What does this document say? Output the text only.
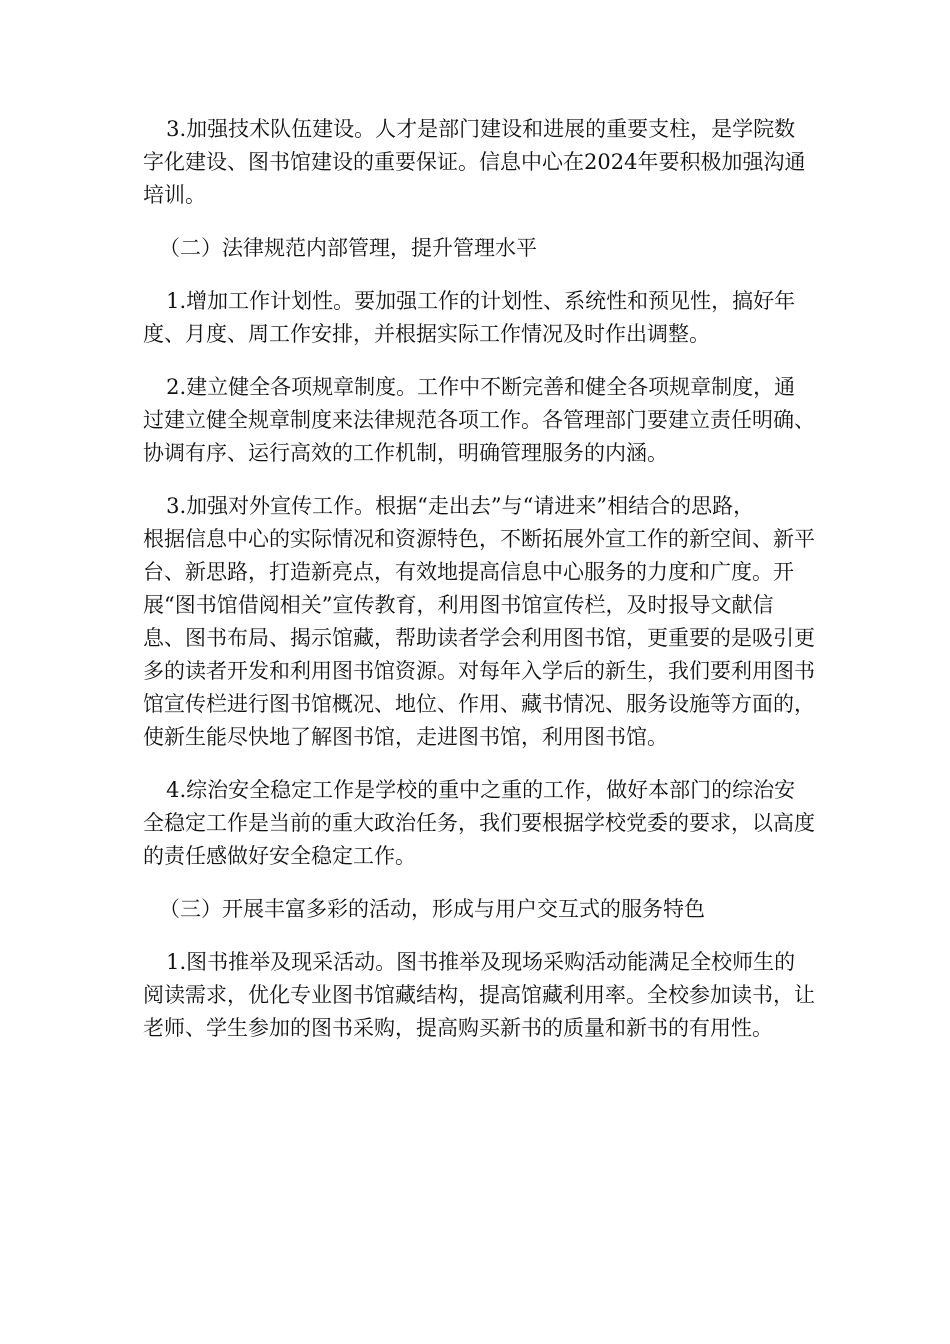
3.加强技术队伍建设。人才是部门建设和进展的重要支柱，是学院数
字化建设、图书馆建设的重要保证。信息中心在2024年要积极加强沟通
培训。

（二）法律规范内部管理，提升管理水平

1.增加工作计划性。要加强工作的计划性、系统性和预见性，搞好年
度、月度、周工作安排，并根据实际工作情况及时作出调整。

2.建立健全各项规章制度。工作中不断完善和健全各项规章制度，通
过建立健全规章制度来法律规范各项工作。各管理部门要建立责任明确、
协调有序、运行高效的工作机制，明确管理服务的内涵。

3.加强对外宣传工作。根据“走出去”与“请进来”相结合的思路，
根据信息中心的实际情况和资源特色，不断拓展外宣工作的新空间、新平
台、新思路，打造新亮点，有效地提高信息中心服务的力度和广度。开
展“图书馆借阅相关”宣传教育，利用图书馆宣传栏，及时报导文献信
息、图书布局、揭示馆藏，帮助读者学会利用图书馆，更重要的是吸引更
多的读者开发和利用图书馆资源。对每年入学后的新生，我们要利用图书
馆宣传栏进行图书馆概况、地位、作用、藏书情况、服务设施等方面的，
使新生能尽快地了解图书馆，走进图书馆，利用图书馆。

4.综治安全稳定工作是学校的重中之重的工作，做好本部门的综治安
全稳定工作是当前的重大政治任务，我们要根据学校党委的要求，以高度
的责任感做好安全稳定工作。

（三）开展丰富多彩的活动，形成与用户交互式的服务特色

1.图书推举及现采活动。图书推举及现场采购活动能满足全校师生的
阅读需求，优化专业图书馆藏结构，提高馆藏利用率。全校参加读书，让
老师、学生参加的图书采购，提高购买新书的质量和新书的有用性。
